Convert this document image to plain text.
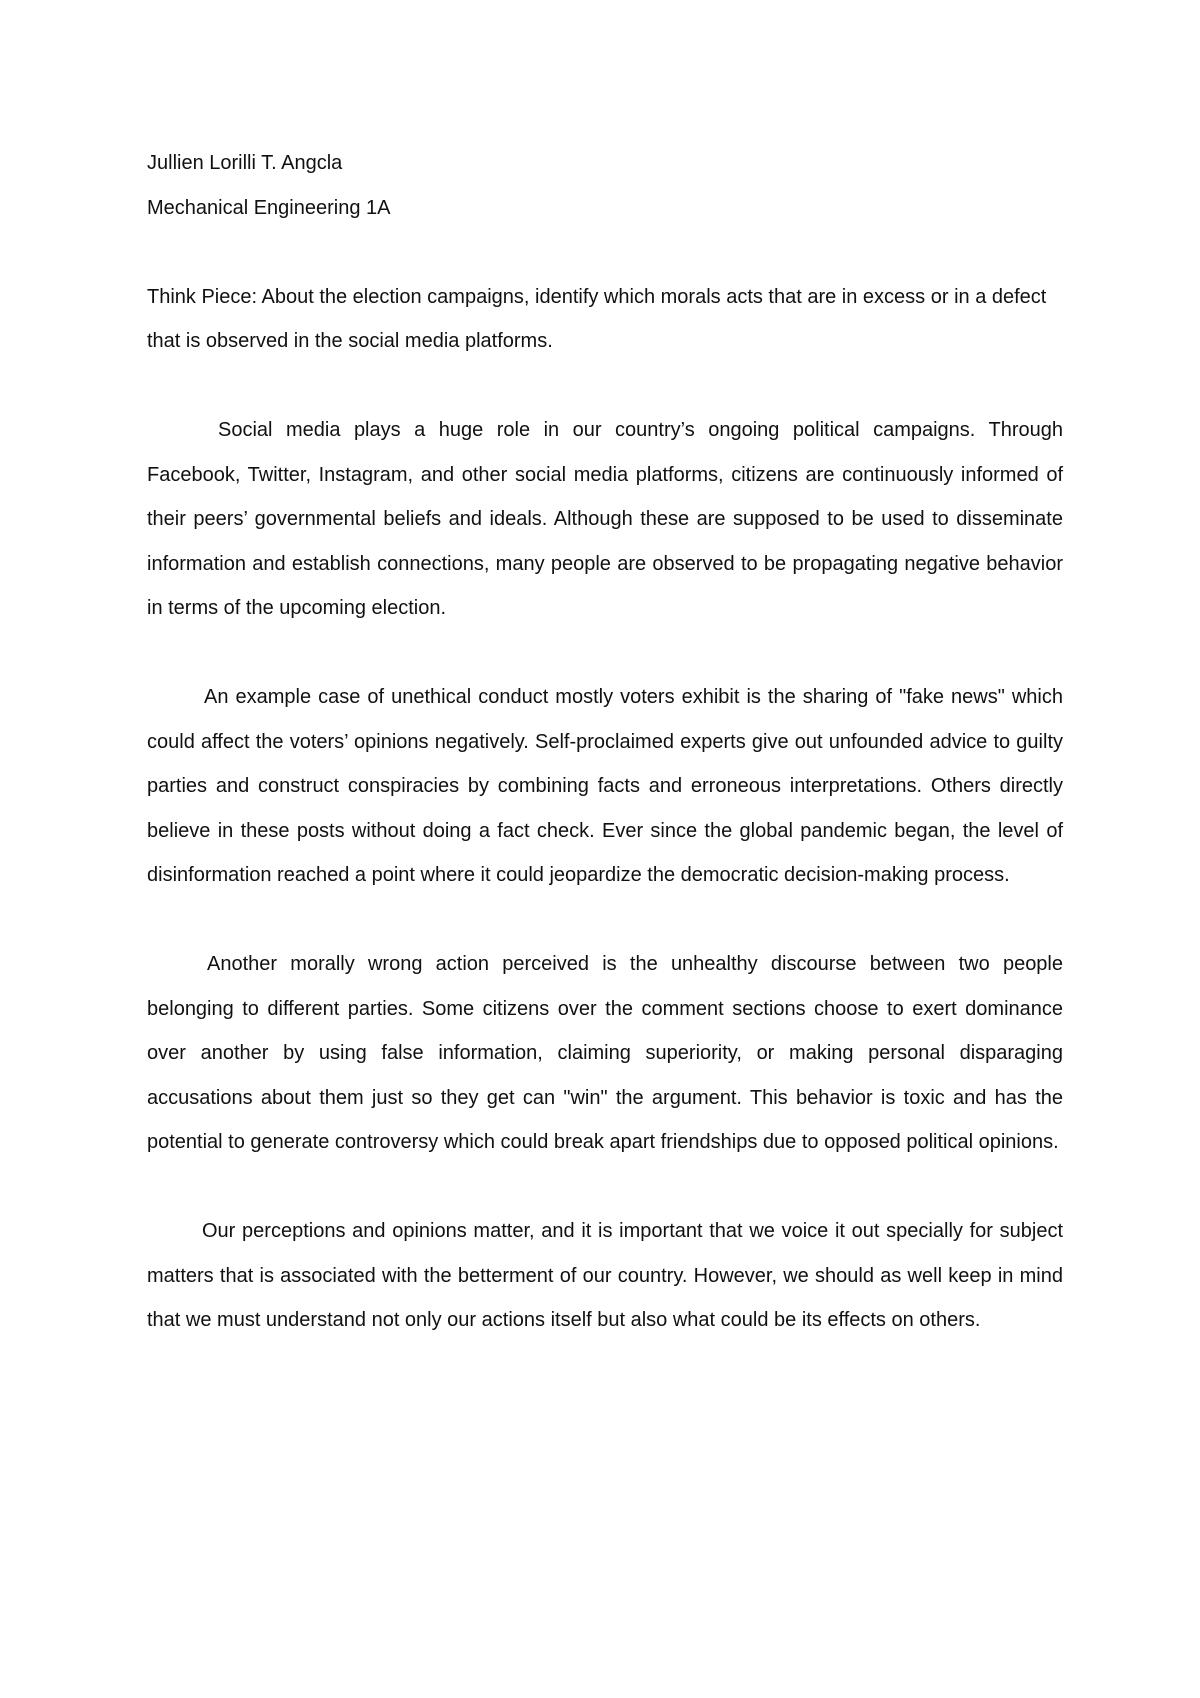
Jullien Lorilli T. Angcla

Mechanical Engineering 1A

Think Piece: About the election campaigns, identify which morals acts that are in excess or in a defect that is observed in the social media platforms.

Social media plays a huge role in our country’s ongoing political campaigns. Through Facebook, Twitter, Instagram, and other social media platforms, citizens are continuously informed of their peers’ governmental beliefs and ideals. Although these are supposed to be used to disseminate information and establish connections, many people are observed to be propagating negative behavior in terms of the upcoming election.

An example case of unethical conduct mostly voters exhibit is the sharing of "fake news" which could affect the voters’ opinions negatively. Self-proclaimed experts give out unfounded advice to guilty parties and construct conspiracies by combining facts and erroneous interpretations. Others directly believe in these posts without doing a fact check. Ever since the global pandemic began, the level of disinformation reached a point where it could jeopardize the democratic decision-making process.

Another morally wrong action perceived is the unhealthy discourse between two people belonging to different parties. Some citizens over the comment sections choose to exert dominance over another by using false information, claiming superiority, or making personal disparaging accusations about them just so they get can "win" the argument. This behavior is toxic and has the potential to generate controversy which could break apart friendships due to opposed political opinions.

Our perceptions and opinions matter, and it is important that we voice it out specially for subject matters that is associated with the betterment of our country. However, we should as well keep in mind that we must understand not only our actions itself but also what could be its effects on others.
